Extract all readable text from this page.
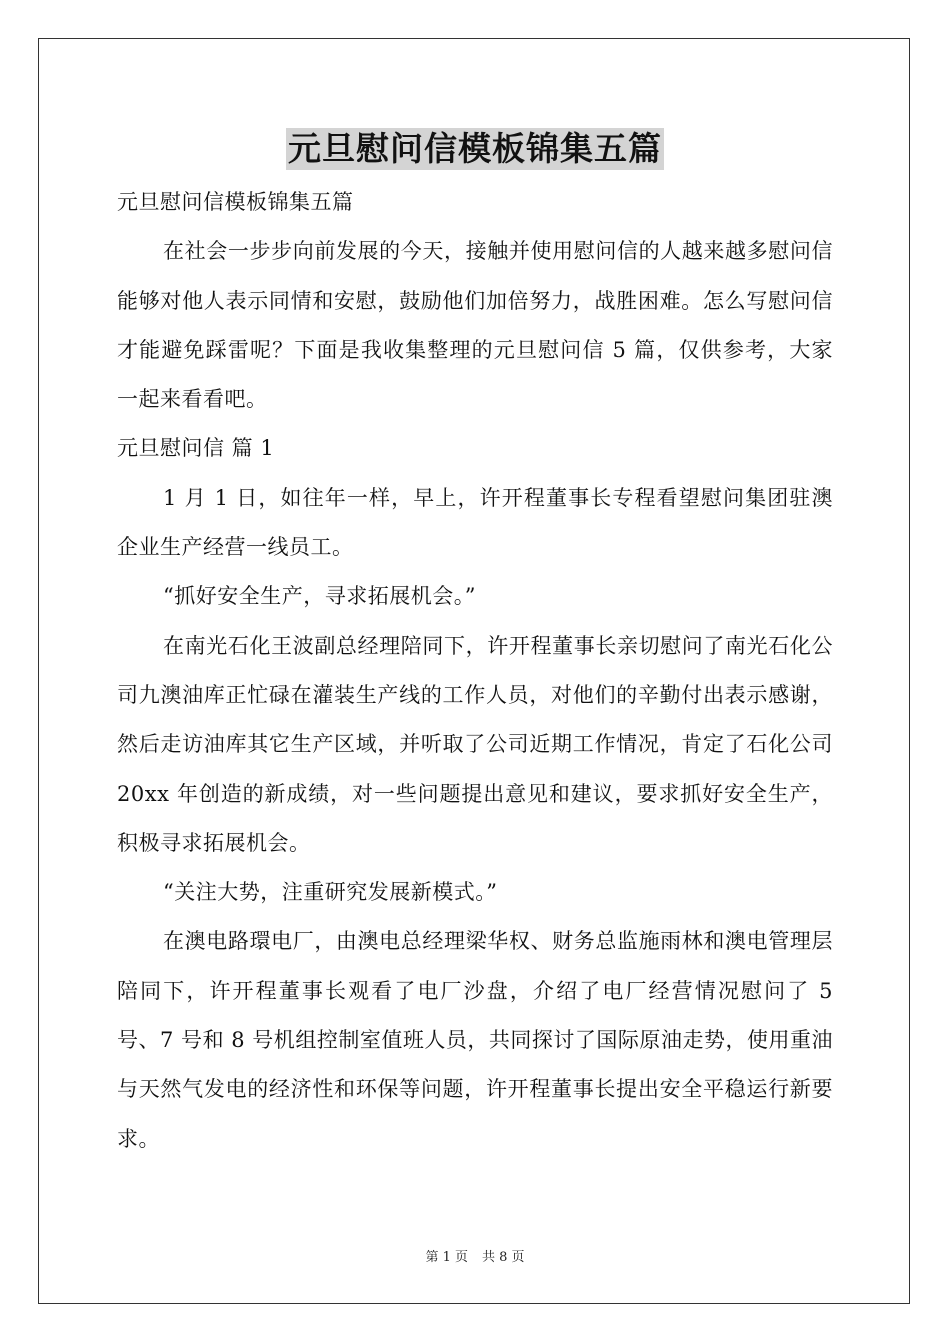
元旦慰问信模板锦集五篇

元旦慰问信模板锦集五篇

在社会一步步向前发展的今天，接触并使用慰问信的人越来越多慰问信能够对他人表示同情和安慰，鼓励他们加倍努力，战胜困难。怎么写慰问信才能避免踩雷呢？下面是我收集整理的元旦慰问信 5 篇，仅供参考，大家一起来看看吧。

元旦慰问信 篇 1

1 月 1 日，如往年一样，早上，许开程董事长专程看望慰问集团驻澳企业生产经营一线员工。

“抓好安全生产，寻求拓展机会。”

在南光石化王波副总经理陪同下，许开程董事长亲切慰问了南光石化公司九澳油库正忙碌在灌装生产线的工作人员，对他们的辛勤付出表示感谢，然后走访油库其它生产区域，并听取了公司近期工作情况，肯定了石化公司 20xx 年创造的新成绩，对一些问题提出意见和建议，要求抓好安全生产，积极寻求拓展机会。

“关注大势，注重研究发展新模式。”

在澳电路環电厂，由澳电总经理梁华权、财务总监施雨林和澳电管理层陪同下，许开程董事长观看了电厂沙盘，介绍了电厂经营情况慰问了 5 号、7 号和 8 号机组控制室值班人员，共同探讨了国际原油走势，使用重油与天然气发电的经济性和环保等问题，许开程董事长提出安全平稳运行新要求。

第 1 页 共 8 页
